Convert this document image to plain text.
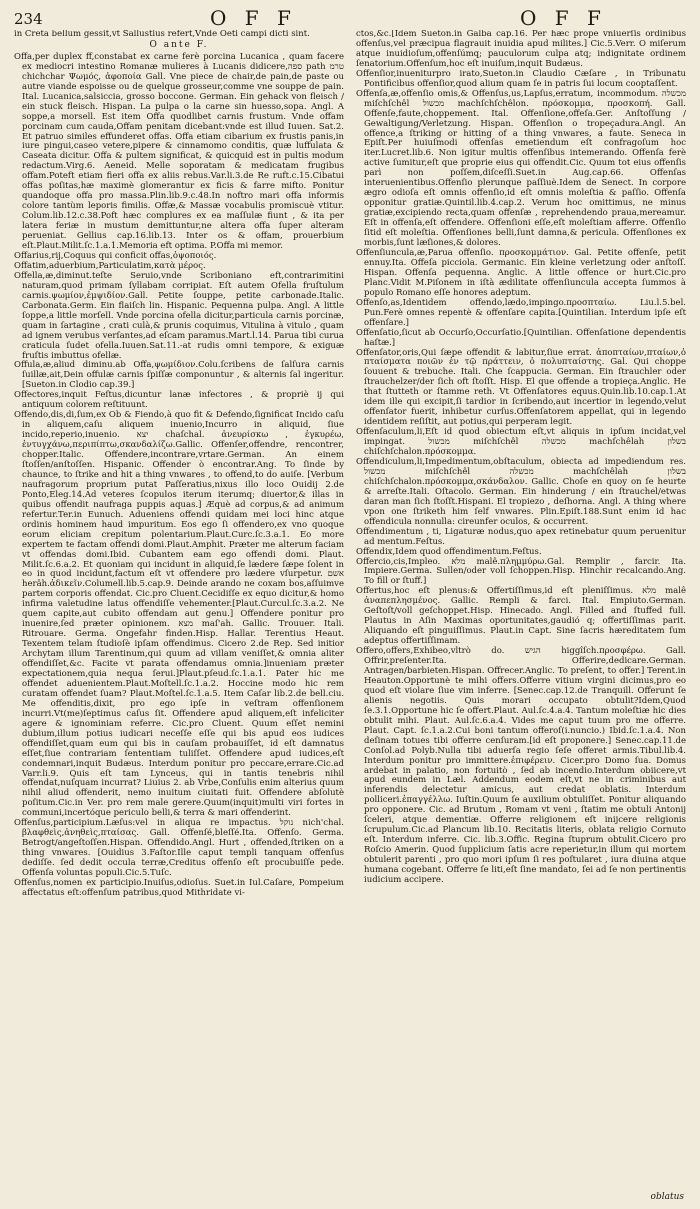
234	O F F	O F F

in Creta bellum gessit,vt Sallustius refert,Vnde Oeti campi dicti sint.

O ante F.

Offa,per duplex ff,constabat ex carne ferè porcina Lucanica , quam facere ex mediocri intestino Romanæ mulieres à Lucanis didicere,ספה path טרמ chichchar Ψωμός, ἀφοποία Gall. Vne piece de chair,de pain,de paste ou autre viande espoisse ou de quelque grosseur,comme vne souppe de pain. Ital. Lucanica,salsiccia, grosso boccone. German. Ein gehack von fleisch / ein stuck fleisch. Hispan. La pulpa o la carne sin huesso,sopa. Angl. A soppe,a morsell. Est item Offa quodlibet carnis frustum. Vnde offam porcinam cum cauda,Offam penitam dicebant:vnde est illud Iuuen. Sat.2. Et patruo similes effunderet offas. Offa etiam cibarium ex frustis panis,in iure pingui,caseo vetere,pipere & cinnamomo conditis, quæ luffulata & Caseata dicitur. Offa & pultem significat, & quicquid est in pultis modum redactum.Virg.6. Aeneid. Melle soporatam & medicatam frugibus offam.Poteft etiam fieri offa ex aliis rebus.Var.li.3.de Re ruft.c.15.Cibatui offas poſitas,hæ maximè glomerantur ex ficis & farre mifto. Ponitur quandoque offa pro massa.Plin.lib.9.c.48.In noftro mari offa informis colore tantùm leporis fimilis. Offæ,& Massæ vocabulis promiscuè vtitur. Colum.lib.12.c.38.Poft hæc complures ex ea maſſulæ fiunt , & ita per latera feriæ in mustum demittuntur,ne altera offa ſuper alteram perueniat. Gellius cap.16.lib.13. Inter os & offam, prouerbium eſt.Plaut.Milit.ſc.1.a.1.Memoria eft optima. P.Offa mi memor.

Offarius,rij,Coquus qui conficit offas,ὁψοποιός.

Offatim,aduerbium,Particulatim,κατὰ μέρος.

Offella,æ,diminut.teſte Seruio,vnde Scriboniano eft,contrarimitini naturam,quod primam ſyllabam corripiat. Eſt autem Ofella fruſtulum carnis.ψωμίον,ἐμψιδίον.Gall. Petite ſouppe, petite carbonade.Italic. Carbonata.Germ. Ein flaiſch lin. Hispanic. Pequenna pulpa. Angl. A little ſoppe,a little morſell. Vnde porcina ofella dicitur,particula carnis porcinæ, quam in ſartagine , crati culà,& prunis coquimus, Vitulina à vitulo , quam ad ignem verubus verſantes,ad eſcam paramus.Mart.l.14. Parua tibi curua craticula ſudet ofella.Iuuen.Sat.11.-at rudis omni tempore, & exiguæ fruſtis imbuttus ofellæ.

Offula,æ,aliud diminu.ab Offa,ψωμίδιον.Colu.ſcribens de ſalſura carnis ſuillæ,ait,Dein offulæ carnis ſpiſſæ componuntur , & alternis ſal ingeritur.[Sueton.in Clodio cap.39.]

Offectores,inquit Feſtus,dicuntur lanæ infectores , & propriè ij qui antiquum colorem reſtituunt.

Offendo,dis,di,ſum,ex Ob & Fiendo,à quo fit & Defendo,ſignificat Incido caſu in aliquem,caſu aliquem inuenio,Incurro in aliquid, ſiue incido,reperio,inuenio. יצא chaſchal. ἀνευρίσκω , ἐγκυρέω, ἐντυγχάνω,περιπίπτω,σκανδαλίζω.Gallic. Offenſer,offendre, rencontrer, chopper.Italic. Offendere,incontrare,vrtare.German. An einem ſtoſſen/anſtoſſen. Hispanic. Offender ò encontrar.Ang. To ſinde by chaunce, to ſtrike and hit a thing vnwares , to offend,to do auiſe. [Verbum naufragorum proprium putat Paſſeratius,nixus illo loco Ouidij 2.de Ponto,Eleg.14.Ad veteres ſcopulos iterum iterumq; diuertor,& illas in quibus offendit naufraga puppis aquas.] Æquè ad corpus,& ad animum refertur.Ter.in Eunuch. Adueniens offendi quidam mei loci hinc atque ordinis hominem haud impuritum. Eos ego ſi offendero,ex vno quoque eorum eliciam crepitum polentarium.Plaut.Curc.ſc.3.a.1. Eo more expertem te factam offendi domi.Plaut.Amphit. Præter me alterum faciam vt offendas domi.Ibid. Cubantem eam ego offendi domi. Plaut. Milit.ſc.6.a.2. Et quoniam qui incidunt in aliquid,ſe lædere ſæpe ſolent in eo in quod incidunt,factum eſt vt offendere pro lædere vſurpetur. אשם herâh.ἀδικεῖν.Columell.lib.5.cap.9. Deinde arando ne coxam bos,aſſuimve partem corporis offendat. Cic.pro Cluent.Cecidiſſe ex equo dicitur,& homo infirma valetudine latus offendiſſe vehementer.[Plaut.Curcul.ſc.3.a.2. Ne quem capite,aut cubito offendam aut genu.] Offendere ponitur pro inuenire,ſed præter opinionem. מצא maſ'ah. Gallic. Trouuer. Itali. Ritrouare. Germa. Ongefahr finden.Hisp. Hallar. Terentius Heaut. Texentem telam ſtudioſè ipſam offendimus. Cicero 2.de Rep. Sed initior Archytam illum Tarentinum,qui quum ad villam veniſſet,& omnia aliter offendiſſet,&c. Facite vt parata offendamus omnia.]inueniam præter expectationem,quia nequa ſerui.]Plaut.pſeud.ſc.1.a.1. Pater hic me offendet aduenientem.Plaut.Moſtell.ſc.1.a.2. Hoccine modo hic rem curatam offendet ſuam? Plaut.Moſtel.ſc.1.a.5. Item Caſar lib.2.de bell.ciu. Me offenditis,dixit, pro ego ipſe in veſtram offenſionem incurri.Vt(me)ſeptimus caſus ſit. Offendere apud aliquem,eſt infeliciter agere & ignominiam referre. Cic.pro Cluent. Quum eſſet nemini dubium,illum potius iudicari neceſſe eſſe qui bis apud eos iudices offendiſſet,quam eum qui bis in cauſam probauiſſet, id eſt damnatus eſſet,ſiue contrariam ſententiam tuliſſet. Offendere apud iudices,eſt condemnari,inquit Budæus. Interdum ponitur pro peccare,errare.Cic.ad Varr.li.9. Quis eſt tam Lynceus, qui in tantis tenebris nihil offendat,nuſquam incurrat? Liuius 2. ab Vrbe,Conſulis enim alterius quum nihil aliud offenderit, nemo inuitum ciuitati fuit. Offendere abſolutè poſitum.Cic.in Ver. pro rem male gerere.Quum(inquit)multi viri fortes in communi,incertóque periculo belli,& terra & mari offenderint.

Offenſus,participium.Læſus:vel in aliqua re impactus. נוקל nich'chal. βλαφθεὶς,ἀνηθεὶς,πταίσας. Gall. Offenſé,bleſſé.Ita. Offenſo. Germa. Betrogt/angeſtoſſen.Hispan. Offendido.Angl. Hurt , offended,ſtriken on a thing vnwares. [Ouidius 3.Faſtor.Ille caput templi tanquam offenſus dediſſe. ſed dedit occula terræ,Creditus offenſo eſt procubuiſſe pede. Offenſa voluntas populi.Cic.5.Tuſc.

Offenſus,nomen ex participio.Inuiſus,odioſus. Suet.in Iul.Caſare, Pompeium affectatus eſt:offenſum patribus,quod Mithridate vi-

ctos,&c.[Idem Sueton.in Galba cap.16. Per hæc prope vniuerſis ordinibus offenſus,vel præcipua flagrauit inuidia apud milites.] Cic.5.Verr. O miſerum atque inuidioſum,offenſúmq; pauculorum culpa atq; indignitate ordinem ſenatorium.Offenſum,hoc eſt inuiſum,inquit Budæus.

Offenſior,inueniturpro irato,Sueton.in Claudio Cæſare , in Tribunatu Pontificibus offenſior,quod alium quam ſe in patris ſui locum cooptaſſent.

Offenſa,æ,offenſio omis,& Offenſus,us,Lapſus,erratum, incommodum. מכשלה miſchſchêl מכשול machſchſchêlon. πρόσκομμα, προσκοπή. Gall. Offenſe,faute,choppement. Ital. Offenſione,offeſa.Ger. Anſtoſſung / Gewaltigung/Verletzung. Hispan. Offenſion o tropeçadura.Angl. An offence,a ſtriking or hitting of a thing vnwares, a faute. Seneca in Epiſt.Per huiuſmodi offenſas emetiendum eſt confragoſum hoc iter.Lucret.lib.6. Non igitur multis offenſibus intemerando. Offenſa ferè active ſumitur,eſt que proprie eius qui offendit.Cic. Quum tot eius offenſis parì non poſſem,diſceſſi.Suet.in Aug.cap.66. Offenſas interuenientibus.Offenſio plerunque paſſiuè.Idem de Senect. In corpore ægro odioſa eſt omnis offenſio,id eſt omnis moleſtia & paſſio. Offenſa opponitur gratiæ.Quintil.lib.4.cap.2. Verum hoc omittimus, ne minus gratiæ,excipiendo recta,quam offenſæ , reprehendendo praua,mereamur. Eſt in offenſa,eſt offendere. Offenſioni eſſe,eſt moleſtiam afferre. Offenſio ſitid eſt moleſtia. Offenſiones belli,ſunt damna,& pericula. Offenſiones ex morbis,ſunt læſiones,& dolores.

Offenſiuncula,æ,Parua offenſio. προσκομμάτιον. Gal. Petite offenſe, petit ennuy.Ita. Offeſa picciola. Germanic. Ein kleine verletzung oder anſtoſſ. Hispan. Offenſa pequenna. Anglic. A little offence or hurt.Cic.pro Planc.Vidit M.Piſonem in iſtà ædilitate offenſiuncula accepta ſummos à populo Romano eſſe honores adeptum.

Offenſo,as,Identidem offendo,lædo,impingo.προσπταίω. Liu.l.5.bel. Pun.Ferè omnes repentè & offenſare capita.[Quintilian. Interdum ipſe eſt offenſare.]

Offenſatio,ſicut ab Occurſo,Occurſatio.[Quintilian. Offenſatione dependentis haſtæ.]

Offenſator,oris,Qui ſæpe offendit & labitur,ſiue errat. ἀποπταίων,πταίων,ὁ πταίσματα ποιῶν ἐν τῷ πράττειν, ὁ πολυπταίστης. Gal. Qui choppe ſouuent & trebuche. Itali. Che ſcappucia. German. Ein ſtrauchler oder ſtrauchelzer/der ſich oft ſtoſſt. Hisp. El que offende a tropieça.Anglic. He that ſtutteth or ſtamme reth. Vt Offenſatores equus.Quin.lib.10.cap.1.At idem ille qui excipit,ſi tardior in ſcribendo,aut incertior in legendo,velut offenſator fuerit, inhibetur curſus.Offenſatorem appellat, qui in legendo identidem reſiſtit, aut potius,qui perperam legit.

Offenſaculum,li,Eſt id quod obiectum eſt,vt aliquis in ipſum incidat,vel impingat. מכשול miſchſchêl מכשלה machſchêlah בשלון chiſchſchalon.πρόσκομμα.

Offendiculum,li,Impedimentum,obſtaculum, obiecta ad impediendum res. מכשול miſchſchêl מכשלה machſchêlah בשלון chiſchſchalon.πρόσκομμα,σκάνδαλον. Gallic. Choſe en quoy on ſe heurte & arreſte.Itali. Oſtacolo. German. Ein hinderung / ein ſtrauchel/etwas daran man ſich ſtoſſt.Hispani. El tropiezo , deſhorna. Angl. A thing where vpon one ſtriketh him ſelf vnwares. Plin.Epiſt.188.Sunt enim id hac offendicula nonnulla: cireunfer oculos, & occurrent.

Offendimentum , ti, Ligaturæ nodus,quo apex retinebatur quum peruenitur ad mentum.Feſtus.

Offendix,Idem quod offendimentum.Feſtus.

Offercio,cis,Impleo. מלא malê.πλημμύρω.Gal. Remplir , farcir. Ita. Impiere.Germa. Sullen/oder voll ſchoppen.Hisp. Hinchir recalcando.Ang. To fill or ſtuff.]

Offertus,hoc eſt plenus:& Offertiſſimus,id eſt pleniſſimus. מלא malê ἀναπεπλησμένος. Gallic. Rempli & farci. Ital. Empiuto.German. Geſtoſt/voll geſchoppet.Hisp. Hinecado. Angl. Filled and ſtuffed full. Plautus in Aſin Maximas oportunitates,gaudió q; offertiſſimas parit. Aliquando eſt pinguiſſimus. Plaut.in Capt. Sine ſacris hæreditatem ſum adeptus offertiſſimam.

Offero,offers,Exhibeo,vltrò do. הגיש higgîſch.προσφέρω. Gall. Offrir,preſenter.Ita. Offerire,dedicare.German. Antragen/barbieten.Hispan. Offrecer.Anglic. To preſent, to offer.] Terent.in Heauton.Opportunè te mihi offers.Offerre vitium virgini dicimus,pro eo quod eſt violare ſiue vim inferre. [Senec.cap.12.de Tranquill. Offerunt ſe alienis negotiis. Quis morari occupato obtulit?Idem,Quod ſe.3.1.Opportune hic ſe offert.Plaut. Aul.ſc.4.a.4. Tantum moleſtiæ hic dies obtulit mihi. Plaut. Aul.ſc.6.a.4. Vides me caput tuum pro me offerre. Plaut. Capt. ſc.1.a.2.Cui boni tantum offeroſ(i.nuncio.) Ibid.ſc.1.a.4. Non deſinam totues tibi offerre cenſuram.[id eſt proponere.] Senec.cap.11.de Conſol.ad Polyb.Nulla tibi aduerſa regio ſeſe offeret armis.Tibul.lib.4. Interdum ponitur pro immittere.ἐπιφέρειν. Cicer.pro Domo ſua. Domus ardebat in palatio, non fortuitò , ſed ab incendio.Interdum obiicere,vt apud eundem in Læl. Addendum eodem eſt,vt ne in criminibus aut inferendis delectetur amicus, aut credat oblatis. Interdum polliceri.ἐπαγγέλλω. Iuſtin.Quum ſe auxilium obtuliſſet. Ponitur aliquando pro opponere. Cic. ad Brutum , Romam vt veni , ſtatim me obtuli Antonij ſceleri, atque dementiæ. Offerre religionem eſt inijcere religionis ſcrupulum.Cic.ad Plancum lib.10. Recitatis literis, oblata religio Cornuto eſt. Interdum inferre. Cic. lib.3.Offic. Regina ſtuprum obtulit.Cicero pro Roſcio Amerin. Quod ſupplicium ſatis acre reperietur,in illum qui mortem obtulerit parenti , pro quo mori ipſum ſi res poſtularet , iura diuina atque humana cogebant. Offerre ſe liti,eſt ſine mandato, ſei ad ſe non pertinentis iudicium accipere.

oblatus
